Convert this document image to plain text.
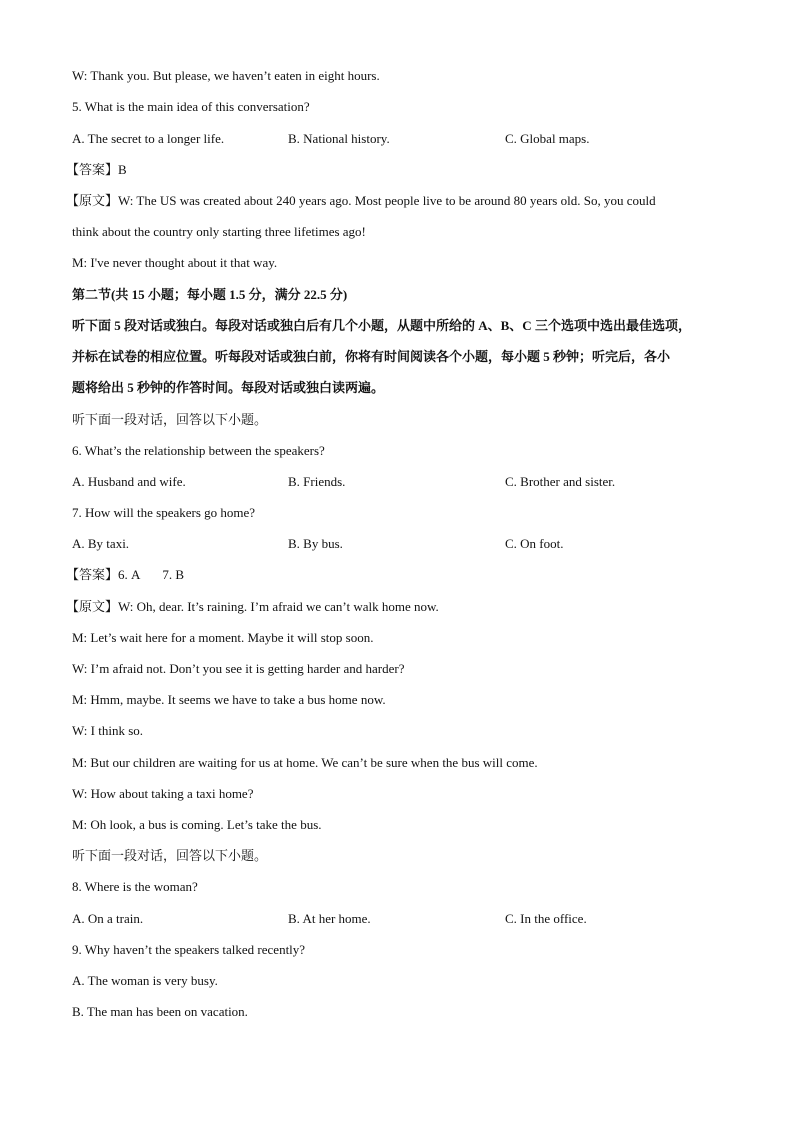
W: Thank you. But please, we haven’t eaten in eight hours.
5. What is the main idea of this conversation?
A. The secret to a longer life.	B. National history.	C. Global maps.
【答案】B
【原文】W: The US was created about 240 years ago. Most people live to be around 80 years old. So, you could
think about the country only starting three lifetimes ago!
M: I've never thought about it that way.
第二节(共 15 小题；每小题 1.5 分，满分 22.5 分)
听下面 5 段对话或独白。每段对话或独白后有几个小题，从题中所给的 A、B、C 三个选项中选出最佳选项，
并标在试卷的相应位置。听每段对话或独白前，你将有时间阅读各个小题，每小题 5 秒钟；听完后，各小
题将给出 5 秒钟的作答时间。每段对话或独白读两遍。
听下面一段对话，回答以下小题。
6. What’s the relationship between the speakers?
A. Husband and wife.	B. Friends.	C. Brother and sister.
7. How will the speakers go home?
A. By taxi.	B. By bus.	C. On foot.
【答案】6. A       7. B
【原文】W: Oh, dear. It’s raining. I’m afraid we can’t walk home now.
M: Let’s wait here for a moment. Maybe it will stop soon.
W: I’m afraid not. Don’t you see it is getting harder and harder?
M: Hmm, maybe. It seems we have to take a bus home now.
W: I think so.
M: But our children are waiting for us at home. We can’t be sure when the bus will come.
W: How about taking a taxi home?
M: Oh look, a bus is coming. Let’s take the bus.
听下面一段对话，回答以下小题。
8. Where is the woman?
A. On a train.	B. At her home.	C. In the office.
9. Why haven’t the speakers talked recently?
A. The woman is very busy.
B. The man has been on vacation.
